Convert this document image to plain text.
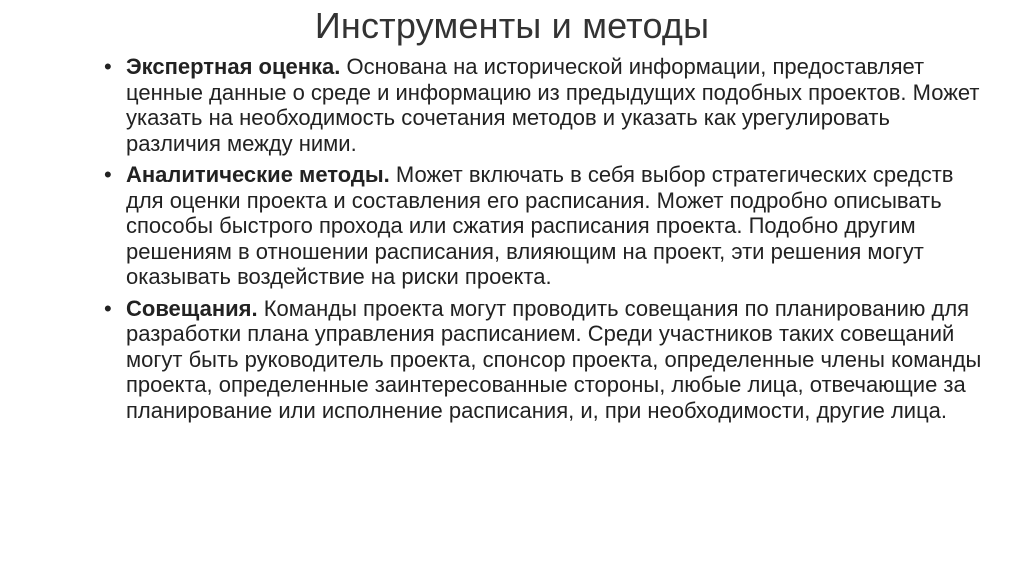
Инструменты и методы
• Экспертная оценка. Основана на исторической информации, предоставляет ценные данные о среде и информацию из предыдущих подобных проектов. Может указать на необходимость сочетания методов и указать как урегулировать различия между ними.
• Аналитические методы. Может включать в себя выбор стратегических средств для оценки проекта и составления его расписания. Может подробно описывать способы быстрого прохода или сжатия расписания проекта. Подобно другим решениям в отношении расписания, влияющим на проект, эти решения могут оказывать воздействие на риски проекта.
• Совещания. Команды проекта могут проводить совещания по планированию для разработки плана управления расписанием. Среди участников таких совещаний могут быть руководитель проекта, спонсор проекта, определенные члены команды проекта, определенные заинтересованные стороны, любые лица, отвечающие за планирование или исполнение расписания, и, при необходимости, другие лица.
